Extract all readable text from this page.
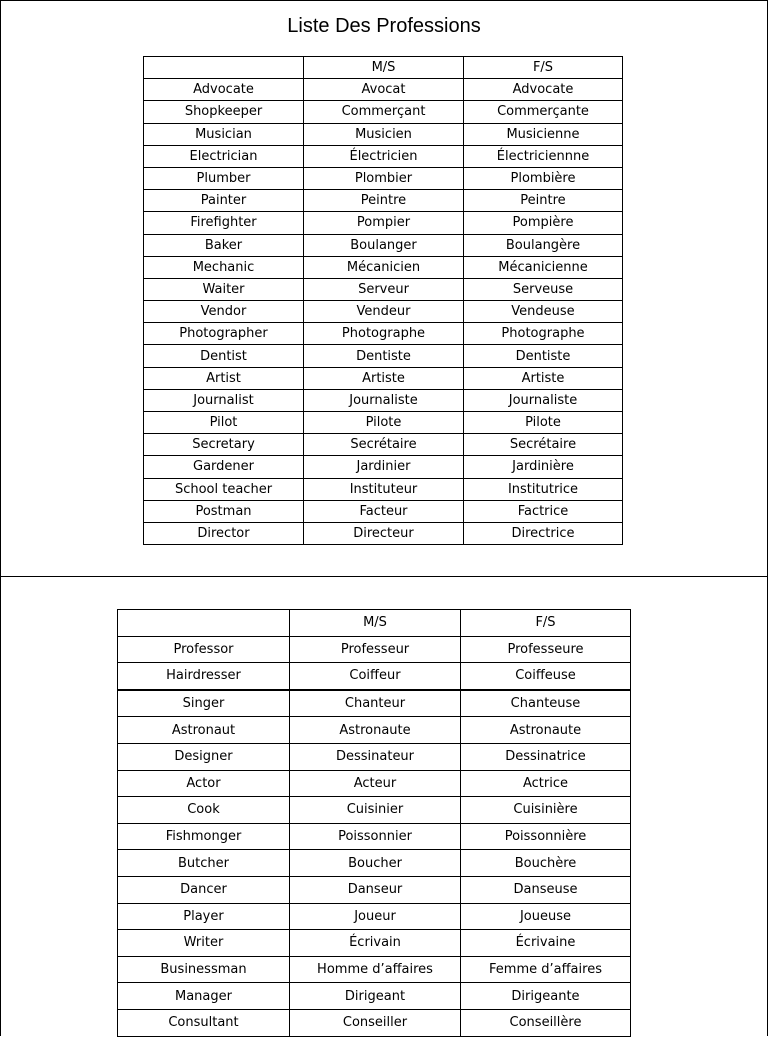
Liste Des Professions
	M/S	F/S
Advocate	Avocat	Advocate
Shopkeeper	Commerçant	Commerçante
Musician	Musicien	Musicienne
Electrician	Électricien	Électriciennne
Plumber	Plombier	Plombière
Painter	Peintre	Peintre
Firefighter	Pompier	Pompière
Baker	Boulanger	Boulangère
Mechanic	Mécanicien	Mécanicienne
Waiter	Serveur	Serveuse
Vendor	Vendeur	Vendeuse
Photographer	Photographe	Photographe
Dentist	Dentiste	Dentiste
Artist	Artiste	Artiste
Journalist	Journaliste	Journaliste
Pilot	Pilote	Pilote
Secretary	Secrétaire	Secrétaire
Gardener	Jardinier	Jardinière
School teacher	Instituteur	Institutrice
Postman	Facteur	Factrice
Director	Directeur	Directrice
	M/S	F/S
Professor	Professeur	Professeure
Hairdresser	Coiffeur	Coiffeuse
Singer	Chanteur	Chanteuse
Astronaut	Astronaute	Astronaute
Designer	Dessinateur	Dessinatrice
Actor	Acteur	Actrice
Cook	Cuisinier	Cuisinière
Fishmonger	Poissonnier	Poissonnière
Butcher	Boucher	Bouchère
Dancer	Danseur	Danseuse
Player	Joueur	Joueuse
Writer	Écrivain	Écrivaine
Businessman	Homme d’affaires	Femme d’affaires
Manager	Dirigeant	Dirigeante
Consultant	Conseiller	Conseillère
